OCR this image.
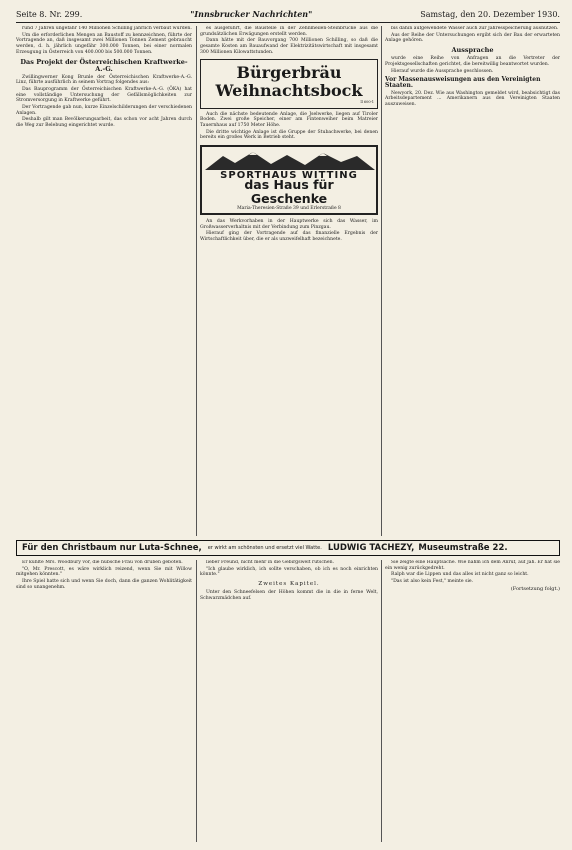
Seite 8. Nr. 299.	"Innsbrucker Nachrichten"	Samstag, den 20. Dezember 1930.

rund 7 Jahren ungefähr 140 Millionen Schilling jährlich verbaut würden.

Um die erforderlichen Mengen an Baustoff zu kennzeichnen, führte der Vortragende an, daß insgesamt zwei Millionen Tonnen Zement gebraucht werden, d. h. jährlich ungefähr 300.000 Tonnen, bei einer normalen Erzeugung in Österreich von 400.000 bis 500.000 Tonnen.

Das Projekt der Österreichischen Kraftwerke-A.-G.

Zwillingwerner Kong Brunle der Österreichischen Kraftwerke-A.-G. Linz, führte ausführlich in seinem Vortrag folgendes aus:

Das Bauprogramm der Österreichischen Kraftwerke-A.-G. (ÖKA) hat eine vollständige Untersuchung der Gefällsmöglichkeiten zur Stromversorgung in Kraftwerke geführt.

Der Vortragende gab nun, kurze Einzelschilderungen der verschiedenen Anlagen.

Deshalb gilt man Bevölkerungsarbeit, das schon vor acht Jahren durch die Weg zur Belebung eingerichtet wurde.

es ausgeführt, die Baustelle in der Zehnmeilen-Steinbrücke aus die grundsätzlichen Erwägungen erstellt werden.

Dann hätte mit der Bauvorgang 700 Millionen Schilling, so daß die gesamte Kosten am Bauaufwand der Elektrizitätswirtschaft mit insgesamt 300 Millionen Kilowattstunden.

Bürgerbräu Weihnachtsbock
ll 600-1

Auch die nächste bedeutende Anlage, die Jselwerke, liegen auf Tiroler Boden. Zwei große Speicher, einer am Fintenweiher beim Matreier Tauernhaus auf 1750 Meter Höhe.

Die dritte wichtige Anlage ist die Gruppe der Stubachwerke, bei denen bereits ein großes Werk in Betrieb steht.

SPORTHAUS WITTING
das Haus für Geschenke
Maria-Theresien-Straße 39 und Erlerstraße 8

An das Werkvorhaben in der Hauptwerke sich das Wasser, im Großwasserverhaltnis mit der Verbindung zum Pinzgau.

Hierauf ging der Vortragende auf das finanzielle Ergebnis der Wirtschaftlichkeit über, die er als unzweifelhaft bezeichnete.

bis dahin aufgewendete Wasser auch zur Jahresspeicherung ausnutzen.

Aus der Reihe der Untersuchungen ergibt sich der Bau der erwarteten Anlage gehören.

Aussprache

wurde eine Reihe von Anfragen an die Vertreter der Projektsgesellschaften gerichtet, die bereitwillig beantwortet wurden.

Hierauf wurde die Aussprache geschlossen.

Vor Massenausweisungen aus den Vereinigten Staaten.

Newyork, 20. Dez. Wie aus Washington gemeldet wird, beabsichtigt das Arbeitsdepartement ... Amerikanern aus den Vereinigten Staaten auszuweisen.

Für den Christbaum nur Luta-Schnee, er wirkt am schönsten und ersetzt viel Watte. LUDWIG TACHEZY, Museumstraße 22.

Er kühlte Mrs. Woodbury vor, die hübsche Frau von drüben geboten.

"O, Mr. Prescott, es wäre wirklich reizend, wenn Sie mit Willow mitgehen könnten."

Ihre Spiel hatte sich und wenn Sie doch, dann die ganzen Wohlitätigkeit sind so unangenehm.

lieber Freund, nicht mehr in die Gebirgswelt rutschen.

"Ich glaube wirklich, ich sollte verschaben, ob ich es noch einrichten könnte."

Zweites Kapitel.

Unter den Schneefelsen der Höhen kommt die in die in ferne Welt, Schwarzmädchen auf.

Sie zeigte eine Hauptsache. Wie nahm ich dem Anruf, auf Jah. Er hat sie ein wenig zurückgedreht.

Ralph war die Lippen und das alles ist nicht ganz so leicht.

"Das ist also kein Fest," meinte sie.

(Fortsetzung folgt.)
